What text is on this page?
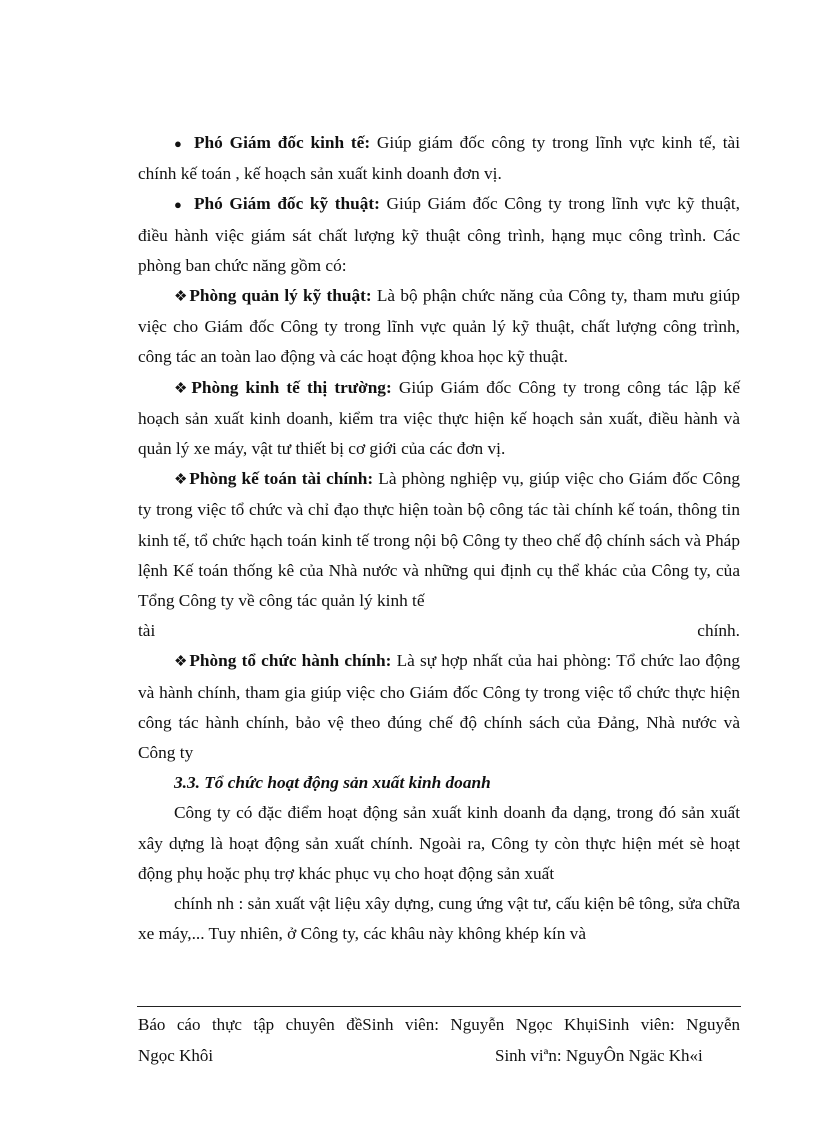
● Phó Giám đốc kinh tế: Giúp giám đốc công ty trong lĩnh vực kinh tế, tài chính kế toán , kế hoạch sản xuất kinh doanh đơn vị.

● Phó Giám đốc kỹ thuật: Giúp Giám đốc Công ty trong lĩnh vực kỹ thuật, điều hành việc giám sát chất lượng kỹ thuật công trình, hạng mục công trình. Các phòng ban chức năng gồm có:

❖Phòng quản lý kỹ thuật: Là bộ phận chức năng của Công ty, tham mưu giúp việc cho Giám đốc Công ty trong lĩnh vực quản lý kỹ thuật, chất lượng công trình, công tác an toàn lao động và các hoạt động khoa học kỹ thuật.

❖Phòng kinh tế thị trường: Giúp Giám đốc Công ty trong công tác lập kế hoạch sản xuất kinh doanh, kiểm tra việc thực hiện kế hoạch sản xuất, điều hành và quản lý xe máy, vật tư thiết bị cơ giới của các đơn vị.

❖Phòng kế toán tài chính: Là phòng nghiệp vụ, giúp việc cho Giám đốc Công ty trong việc tổ chức và chỉ đạo thực hiện toàn bộ công tác tài chính kế toán, thông tin kinh tế, tổ chức hạch toán kinh tế trong nội bộ Công ty theo chế độ chính sách và Pháp lệnh Kế toán thống kê của Nhà nước và những qui định cụ thể khác của Công ty, của Tổng Công ty về công tác quản lý kinh tế

tài	chính.

❖Phòng tổ chức hành chính: Là sự hợp nhất của hai phòng: Tổ chức lao động và hành chính, tham gia giúp việc cho Giám đốc Công ty trong việc tổ chức thực hiện công tác hành chính, bảo vệ theo đúng chế độ chính sách của Đảng, Nhà nước và Công ty

3.3. Tổ chức hoạt động sản xuất kinh doanh

Công ty có đặc điểm hoạt động sản xuất kinh doanh đa dạng, trong đó sản xuất xây dựng là hoạt động sản xuất chính. Ngoài ra, Công ty còn thực hiện mét sè hoạt động phụ hoặc phụ trợ khác phục vụ cho hoạt động sản xuất

chính nh : sản xuất vật liệu xây dựng, cung ứng vật tư, cấu kiện bê tông, sửa chữa xe máy,... Tuy nhiên, ở Công ty, các khâu này không khép kín và

Báo cáo thực tập chuyên đềSinh viên: Nguyễn Ngọc KhụiSinh viên: Nguyễn
Ngọc Khôi	Sinh viªn: NguyÔn Ngäc Kh«i
